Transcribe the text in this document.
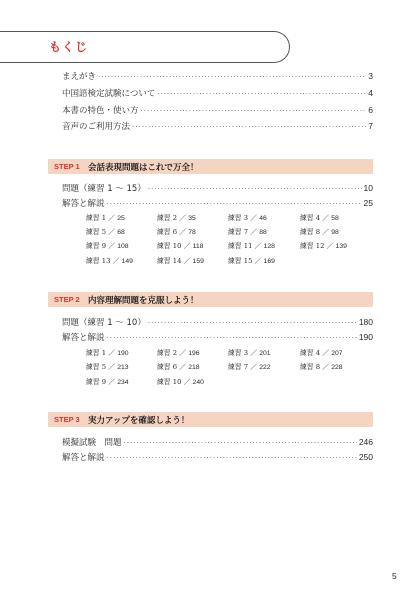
もくじ
まえがき ·····	3
中国語検定試験について ·····	4
本書の特色・使い方 ·····	6
音声のご利用方法 ·····	7
STEP 1 会話表現問題はこれで万全！
問題（練習 1 ～ 15） ·····	10
解答と解説 ·····	25
練習 1 ／ 25	練習 2 ／ 35	練習 3 ／ 46	練習 4 ／ 58
練習 5 ／ 68	練習 6 ／ 78	練習 7 ／ 88	練習 8 ／ 98
練習 9 ／ 108	練習 10 ／ 118	練習 11 ／ 128	練習 12 ／ 139
練習 13 ／ 149	練習 14 ／ 159	練習 15 ／ 169
STEP 2 内容理解問題を克服しよう！
問題（練習 1 ～ 10） ·····	180
解答と解説 ·····	190
練習 1 ／ 190	練習 2 ／ 196	練習 3 ／ 201	練習 4 ／ 207
練習 5 ／ 213	練習 6 ／ 218	練習 7 ／ 222	練習 8 ／ 228
練習 9 ／ 234	練習 10 ／ 240
STEP 3 実力アップを確認しよう！
模擬試験　問題 ·····	246
解答と解説 ·····	250
5
